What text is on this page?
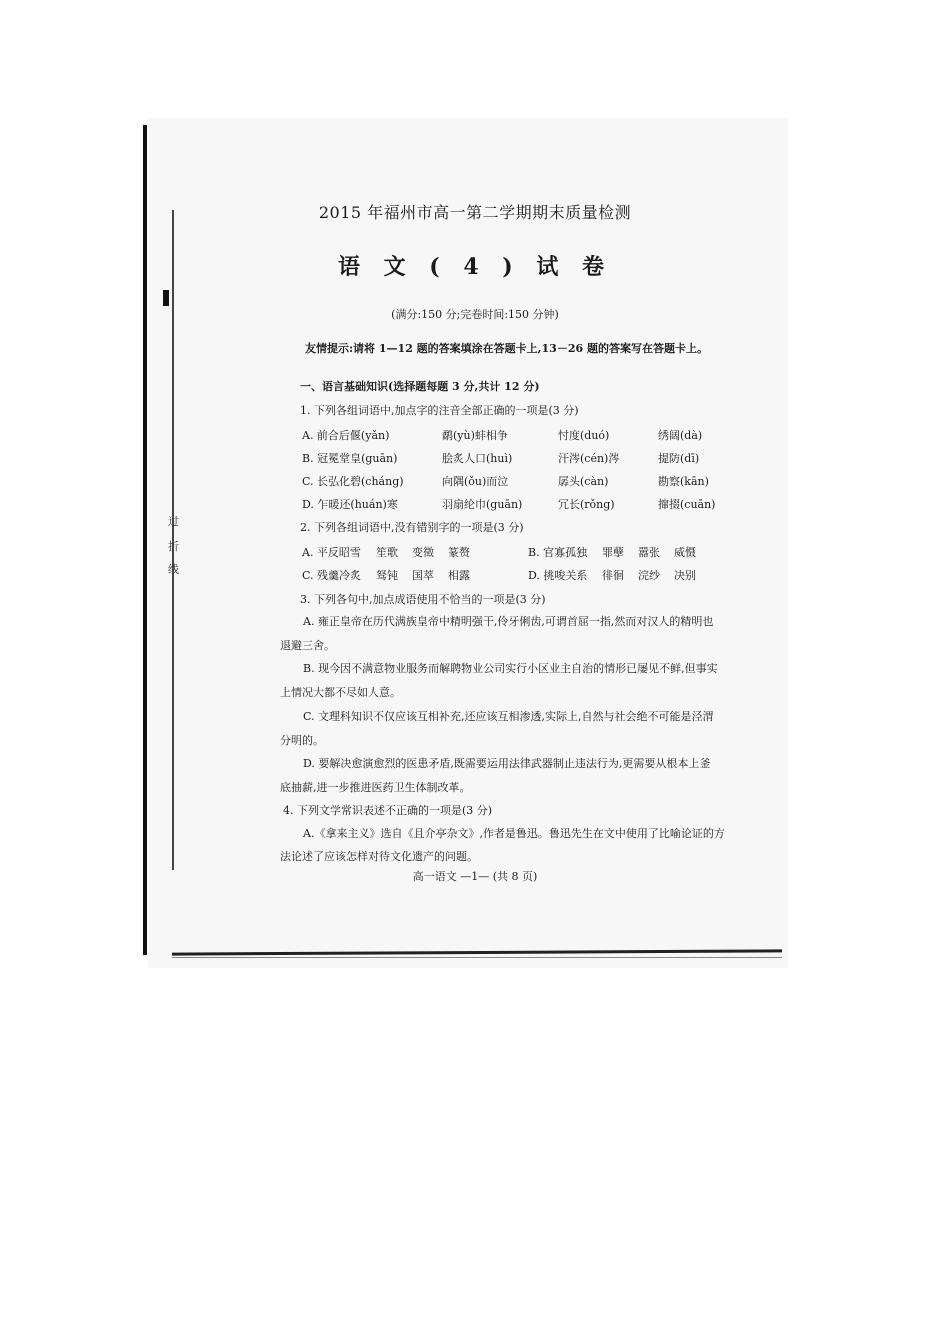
过
折
线
2015 年福州市高一第二学期期末质量检测
语 文 ( 4 ) 试 卷
(满分:150 分;完卷时间:150 分钟)
友情提示:请将 1—12 题的答案填涂在答题卡上,13－26 题的答案写在答题卡上。
一、语言基础知识(选择题每题 3 分,共计 12 分)
1. 下列各组词语中,加点字的注音全部正确的一项是(3 分)
A. 前合后偃(yǎn)	鹬(yù)蚌相争	忖度(duó)	绣阔(dà)
B. 冠冕堂皇(guān)	脍炙人口(huì)	汗涔(cén)涔	提防(dī)
C. 长弘化碧(cháng)	向隅(ǒu)而泣	孱头(càn)	勘察(kān)
D. 乍暖还(huán)寒	羽扇纶巾(guān)	冗长(rǒng)	撺掇(cuān)
2. 下列各组词语中,没有错别字的一项是(3 分)
A. 平反昭雪 笙歌 变徵 篆赘	B. 官寡孤独 罪孽 嚣张 威慑
C. 残羹冷炙 驽钝 国萃 相露	D. 挑唆关系 徘徊 浣纱 决别
3. 下列各句中,加点成语使用不恰当的一项是(3 分)
A. 雍正皇帝在历代满族皇帝中精明强干,伶牙俐齿,可谓首屈一指,然而对汉人的精明也
退避三舍。
B. 现今因不满意物业服务而解聘物业公司实行小区业主自治的情形已屡见不鲜,但事实
上情况大都不尽如人意。
C. 文理科知识不仅应该互相补充,还应该互相渗透,实际上,自然与社会绝不可能是泾渭
分明的。
D. 要解决愈演愈烈的医患矛盾,既需要运用法律武器制止违法行为,更需要从根本上釜
底抽薪,进一步推进医药卫生体制改革。
4. 下列文学常识表述不正确的一项是(3 分)
A.《拿来主义》选自《且介亭杂文》,作者是鲁迅。鲁迅先生在文中使用了比喻论证的方
法论述了应该怎样对待文化遗产的问题。
高一语文 —1— (共 8 页)
